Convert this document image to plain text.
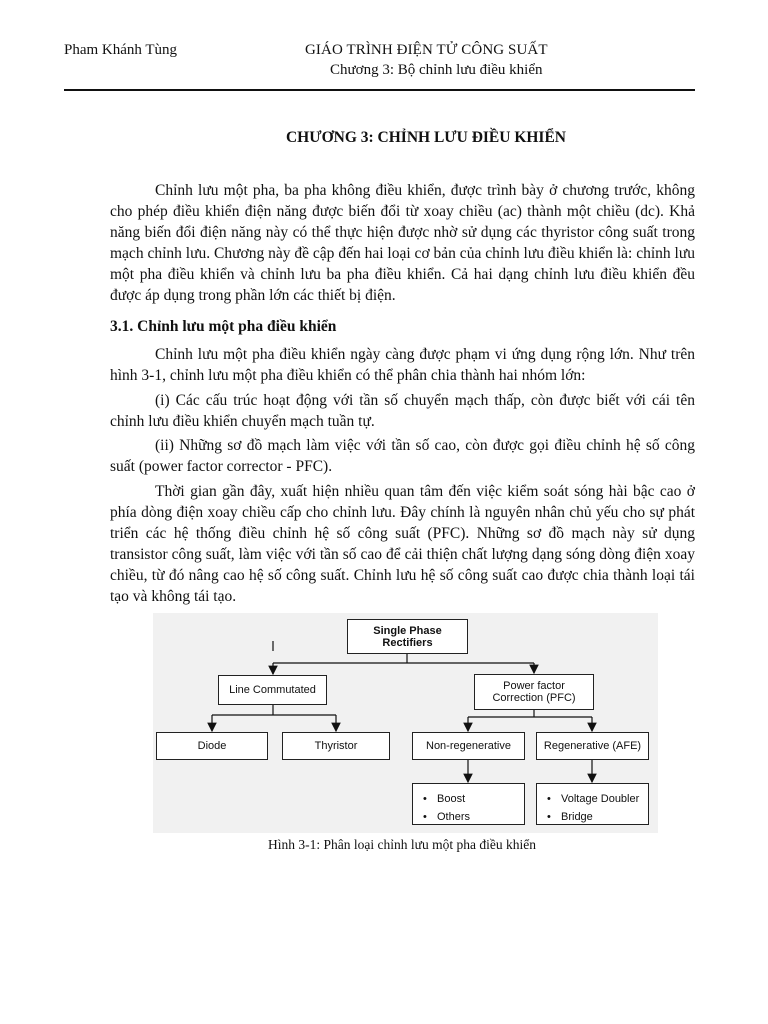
Pham Khánh Tùng	GIÁO TRÌNH ĐIỆN TỬ CÔNG SUẤT
Chương 3: Bộ chỉnh lưu điều khiển
CHƯƠNG 3: CHỈNH LƯU ĐIỀU KHIỂN

Chỉnh lưu một pha, ba pha không điều khiển, được trình bày ở chương trước, không cho phép điều khiển điện năng được biến đổi từ xoay chiều (ac) thành một chiều (dc). Khả năng biến đổi điện năng này có thể thực hiện được nhờ sử dụng các thyristor công suất trong mạch chỉnh lưu. Chương này đề cập đến hai loại cơ bản của chỉnh lưu điều khiển là: chỉnh lưu một pha điều khiển và chỉnh lưu ba pha điều khiển. Cả hai dạng chỉnh lưu điều khiển đều được áp dụng trong phần lớn các thiết bị điện.

3.1. Chỉnh lưu một pha điều khiển

Chỉnh lưu một pha điều khiển ngày càng được phạm vi ứng dụng rộng lớn. Như trên hình 3-1, chỉnh lưu một pha điều khiển có thể phân chia thành hai nhóm lớn:

(i) Các cấu trúc hoạt động với tần số chuyển mạch thấp, còn được biết với cái tên chỉnh lưu điều khiển chuyển mạch tuần tự.

(ii) Những sơ đồ mạch làm việc với tần số cao, còn được gọi điều chỉnh hệ số công suất (power factor corrector - PFC).

Thời gian gần đây, xuất hiện nhiều quan tâm đến việc kiểm soát sóng hài bậc cao ở phía dòng điện xoay chiều cấp cho chỉnh lưu. Đây chính là nguyên nhân chủ yếu cho sự phát triển các hệ thống điều chỉnh hệ số công suất (PFC). Những sơ đồ mạch này sử dụng transistor công suất, làm việc với tần số cao để cải thiện chất lượng dạng sóng dòng điện xoay chiều, từ đó nâng cao hệ số công suất. Chỉnh lưu hệ số công suất cao được chia thành loại tái tạo và không tái tạo.

Single Phase
Rectifiers
Line Commutated	Power factor
Correction (PFC)
Diode	Thyristor	Non-regenerative	Regenerative (AFE)
• Boost
• Others
• Voltage Doubler
• Bridge
Hình 3-1: Phân loại chỉnh lưu một pha điều khiển
